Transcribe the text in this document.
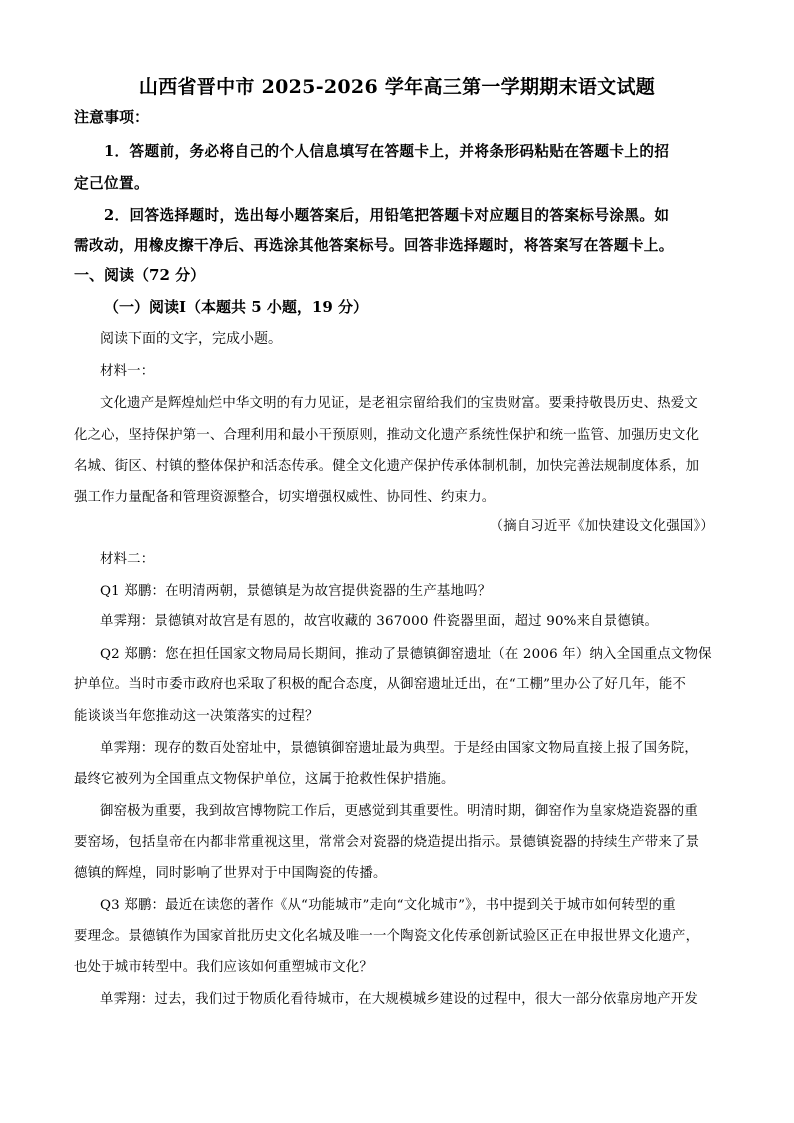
山西省晋中市 2025-2026 学年高三第一学期期末语文试题
注意事项：
1．答题前，务必将自己的个人信息填写在答题卡上，并将条形码粘贴在答题卡上的招
定己位置。
2．回答选择题时，选出每小题答案后，用铅笔把答题卡对应题目的答案标号涂黑。如
需改动，用橡皮擦干净后、再选涂其他答案标号。回答非选择题时，将答案写在答题卡上。
一、阅读（72 分）
（一）阅读Ⅰ（本题共 5 小题，19 分）
阅读下面的文字，完成小题。
材料一：
文化遗产是辉煌灿烂中华文明的有力见证，是老祖宗留给我们的宝贵财富。要秉持敬畏历史、热爱文
化之心，坚持保护第一、合理利用和最小干预原则，推动文化遗产系统性保护和统一监管、加强历史文化
名城、街区、村镇的整体保护和活态传承。健全文化遗产保护传承体制机制，加快完善法规制度体系，加
强工作力量配备和管理资源整合，切实增强权威性、协同性、约束力。
（摘自习近平《加快建设文化强国》）
材料二：
Q1 郑鹏：在明清两朝，景德镇是为故宫提供瓷器的生产基地吗？
单霁翔：景德镇对故宫是有恩的，故宫收藏的 367000 件瓷器里面，超过 90%来自景德镇。
Q2 郑鹏：您在担任国家文物局局长期间，推动了景德镇御窑遗址（在 2006 年）纳入全国重点文物保
护单位。当时市委市政府也采取了积极的配合态度，从御窑遗址迁出，在“工棚”里办公了好几年，能不
能谈谈当年您推动这一决策落实的过程？
单霁翔：现存的数百处窑址中，景德镇御窑遗址最为典型。于是经由国家文物局直接上报了国务院，
最终它被列为全国重点文物保护单位，这属于抢救性保护措施。
御窑极为重要，我到故宫博物院工作后，更感觉到其重要性。明清时期，御窑作为皇家烧造瓷器的重
要窑场，包括皇帝在内都非常重视这里，常常会对瓷器的烧造提出指示。景德镇瓷器的持续生产带来了景
德镇的辉煌，同时影响了世界对于中国陶瓷的传播。
Q3 郑鹏：最近在读您的著作《从“功能城市”走向“文化城市”》，书中提到关于城市如何转型的重
要理念。景德镇作为国家首批历史文化名城及唯一一个陶瓷文化传承创新试验区正在申报世界文化遗产，
也处于城市转型中。我们应该如何重塑城市文化？
单霁翔：过去，我们过于物质化看待城市，在大规模城乡建设的过程中，很大一部分依靠房地产开发
